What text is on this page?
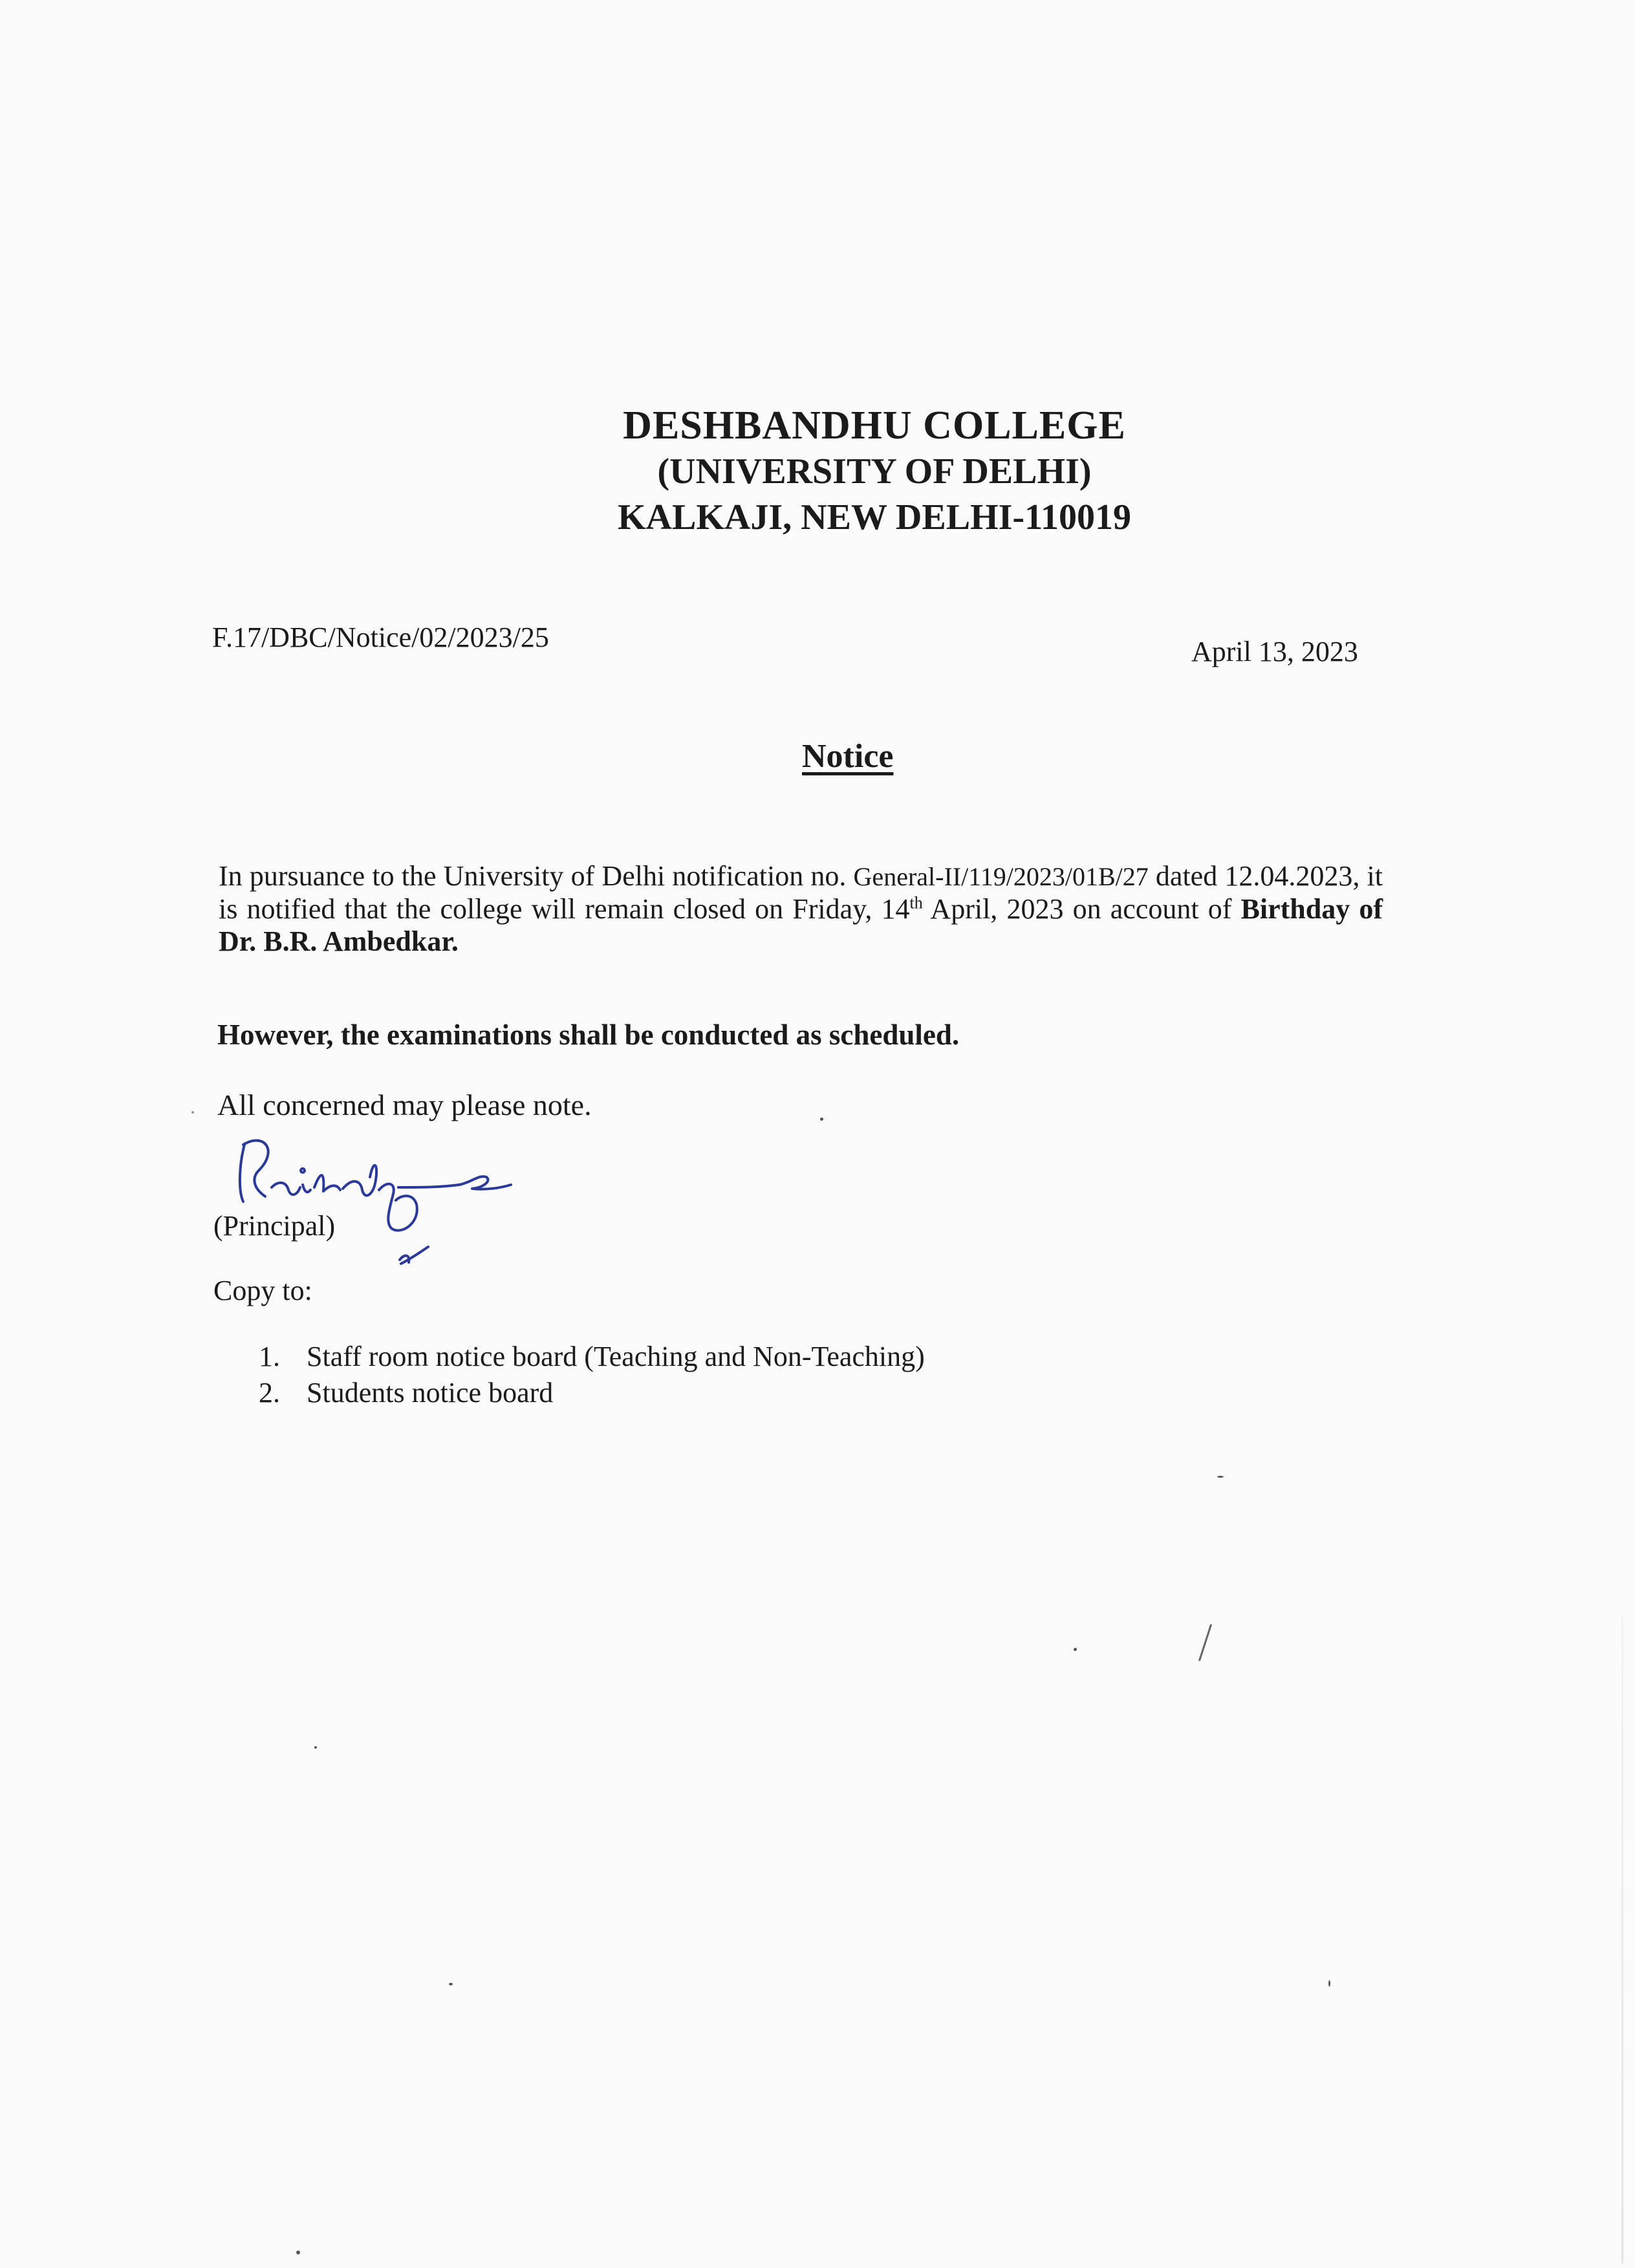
DESHBANDHU COLLEGE
(UNIVERSITY OF DELHI)
KALKAJI, NEW DELHI-110019
F.17/DBC/Notice/02/2023/25	April 13, 2023
Notice
In pursuance to the University of Delhi notification no. General-II/119/2023/01B/27 dated 12.04.2023, it is notified that the college will remain closed on Friday, 14th April, 2023 on account of Birthday of Dr. B.R. Ambedkar.
However, the examinations shall be conducted as scheduled.
All concerned may please note.
(Principal)
Copy to:
1. Staff room notice board (Teaching and Non-Teaching)
2. Students notice board
